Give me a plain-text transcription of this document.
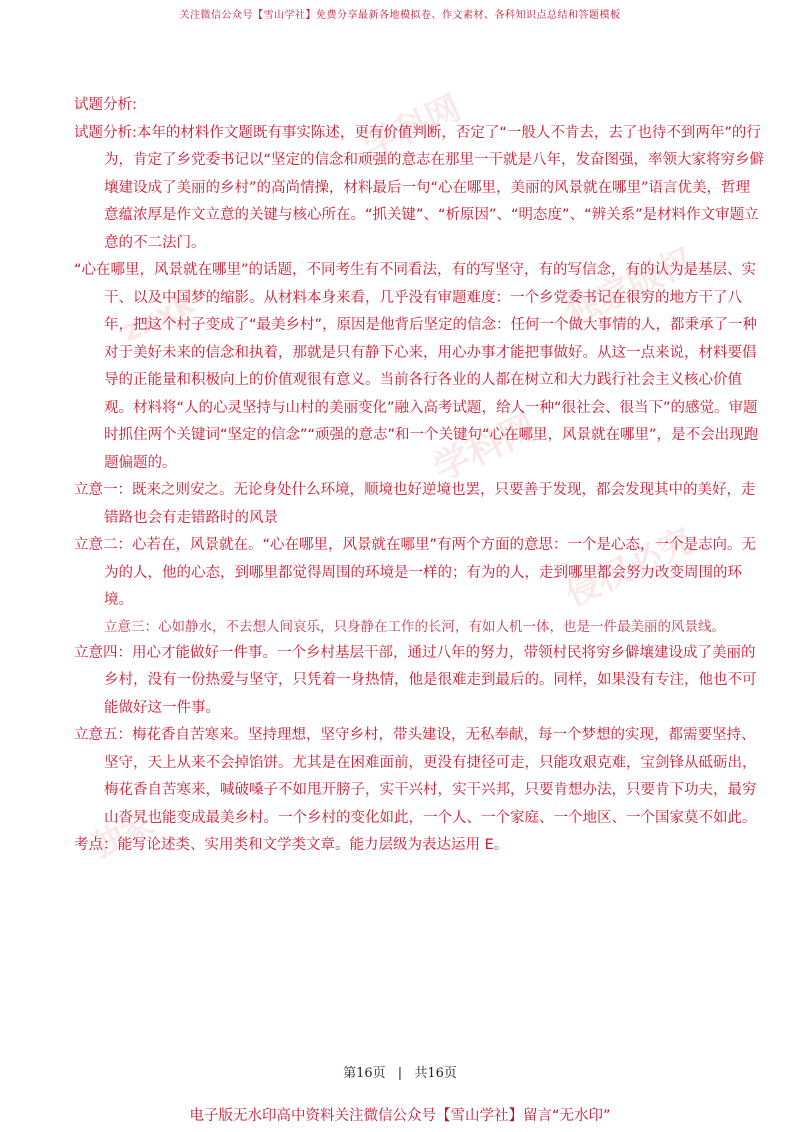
关注微信公众号【雪山学社】免费分享最新各地模拟卷、作文素材、各科知识点总结和答题模板
学科网
独家版权
zxxk
学科网
侵权必究
独家

试题分析:

试题分析:本年的材料作文题既有事实陈述，更有价值判断，否定了“一般人不肯去，去了也待不到两年”的行为，肯定了乡党委书记以“坚定的信念和顽强的意志在那里一干就是八年，发奋图强，率领大家将穷乡僻壤建设成了美丽的乡村”的高尚情操，材料最后一句“心在哪里，美丽的风景就在哪里”语言优美，哲理意蕴浓厚是作文立意的关键与核心所在。“抓关键”、“析原因”、“明态度”、“辨关系”是材料作文审题立意的不二法门。

“心在哪里，风景就在哪里”的话题，不同考生有不同看法，有的写坚守，有的写信念，有的认为是基层、实干、以及中国梦的缩影。从材料本身来看，几乎没有审题难度：一个乡党委书记在很穷的地方干了八年，把这个村子变成了“最美乡村”，原因是他背后坚定的信念：任何一个做大事情的人，都秉承了一种对于美好未来的信念和执着，那就是只有静下心来，用心办事才能把事做好。从这一点来说，材料要倡导的正能量和积极向上的价值观很有意义。当前各行各业的人都在树立和大力践行社会主义核心价值观。材料将“人的心灵坚持与山村的美丽变化”融入高考试题，给人一种“很社会、很当下”的感觉。审题时抓住两个关键词“坚定的信念”“顽强的意志”和一个关键句“心在哪里，风景就在哪里”，是不会出现跑题偏题的。

立意一：既来之则安之。无论身处什么环境，顺境也好逆境也罢，只要善于发现，都会发现其中的美好，走错路也会有走错路时的风景

立意二：心若在，风景就在。“心在哪里，风景就在哪里”有两个方面的意思：一个是心态，一个是志向。无为的人，他的心态，到哪里都觉得周围的环境是一样的；有为的人，走到哪里都会努力改变周围的环境。

立意三：心如静水，不去想人间哀乐，只身静在工作的长河，有如人机一体，也是一件最美丽的风景线。

立意四：用心才能做好一件事。一个乡村基层干部，通过八年的努力，带领村民将穷乡僻壤建设成了美丽的乡村，没有一份热爱与坚守，只凭着一身热情，他是很难走到最后的。同样，如果没有专注，他也不可能做好这一件事。

立意五：梅花香自苦寒来。坚持理想，坚守乡村，带头建设，无私奉献，每一个梦想的实现，都需要坚持、坚守，天上从来不会掉馅饼。尤其是在困难面前，更没有捷径可走，只能攻艰克难，宝剑锋从砥砺出，梅花香自苦寒来，喊破嗓子不如甩开膀子，实干兴村，实干兴邦，只要肯想办法，只要肯下功夫，最穷山沓旯也能变成最美乡村。一个乡村的变化如此，一个人、一个家庭、一个地区、一个国家莫不如此。

考点：能写论述类、实用类和文学类文章。能力层级为表达运用 E。

第16页 | 共16页
电子版无水印高中资料关注微信公众号【雪山学社】留言“无水印”
